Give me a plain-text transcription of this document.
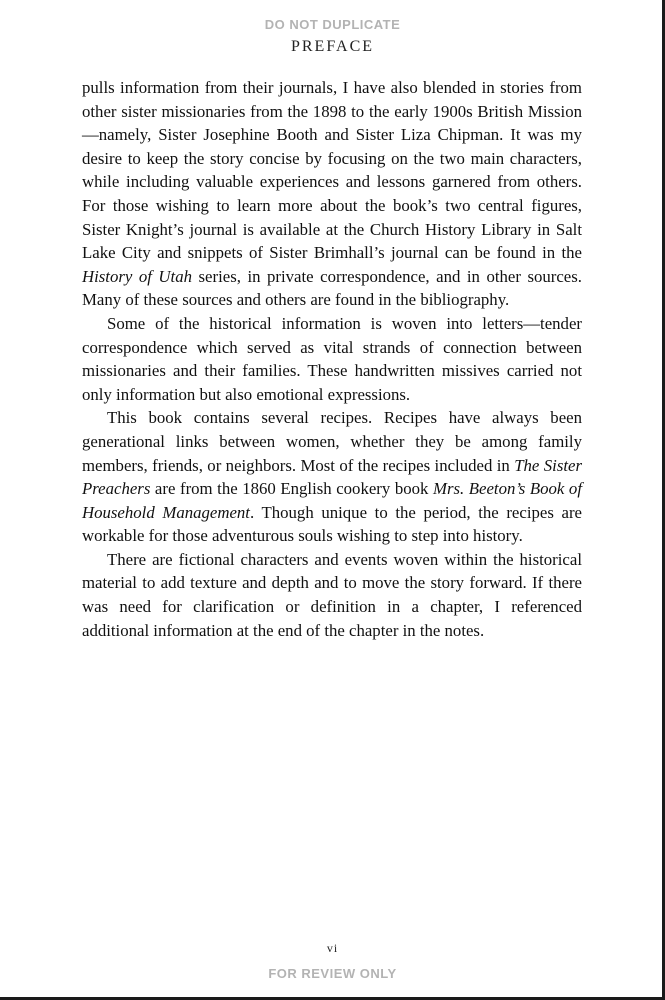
DO NOT DUPLICATE
PREFACE

pulls information from their journals, I have also blended in stories from other sister missionaries from the 1898 to the early 1900s British Mission—namely, Sister Josephine Booth and Sister Liza Chipman. It was my desire to keep the story concise by focusing on the two main characters, while including valuable experiences and lessons garnered from others. For those wishing to learn more about the book’s two central figures, Sister Knight’s journal is available at the Church History Library in Salt Lake City and snippets of Sister Brimhall’s journal can be found in the History of Utah series, in private correspondence, and in other sources. Many of these sources and others are found in the bibliography.

Some of the historical information is woven into letters—tender correspondence which served as vital strands of connection between missionaries and their families. These handwritten missives carried not only information but also emotional expressions.

This book contains several recipes. Recipes have always been generational links between women, whether they be among family members, friends, or neighbors. Most of the recipes included in The Sister Preachers are from the 1860 English cookery book Mrs. Beeton’s Book of Household Management. Though unique to the period, the recipes are workable for those adventurous souls wishing to step into history.

There are fictional characters and events woven within the historical material to add texture and depth and to move the story forward. If there was need for clarification or definition in a chapter, I referenced additional information at the end of the chapter in the notes.

vi
FOR REVIEW ONLY
